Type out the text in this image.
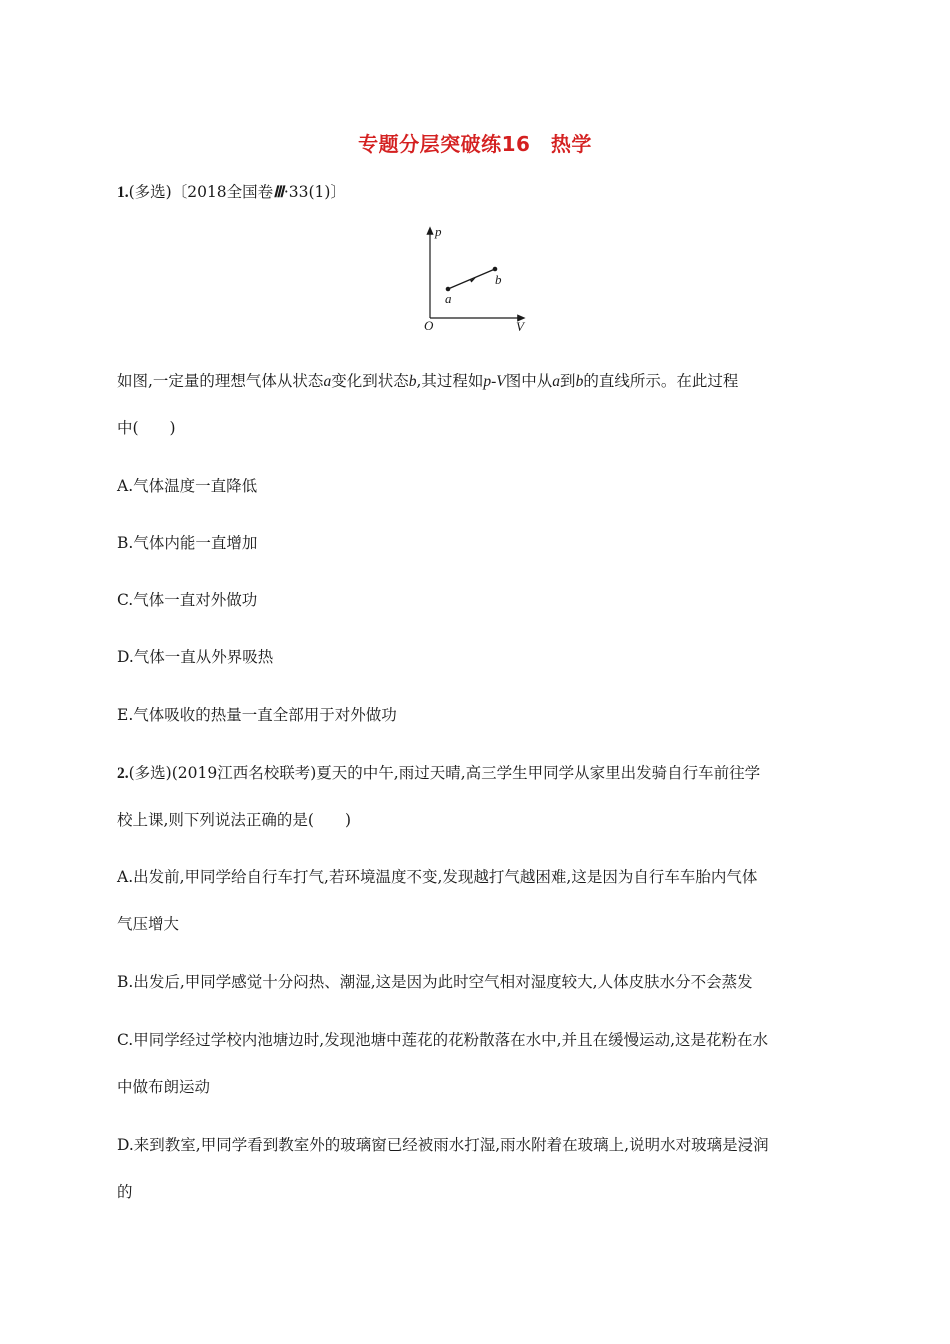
专题分层突破练16　热学
1.(多选)〔2018全国卷Ⅲ·33(1)〕
p
V
O
a
b
如图,一定量的理想气体从状态a变化到状态b,其过程如p-V图中从a到b的直线所示。在此过程
中(　　)
A.气体温度一直降低
B.气体内能一直增加
C.气体一直对外做功
D.气体一直从外界吸热
E.气体吸收的热量一直全部用于对外做功
2.(多选)(2019江西名校联考)夏天的中午,雨过天晴,高三学生甲同学从家里出发骑自行车前往学
校上课,则下列说法正确的是(　　)
A.出发前,甲同学给自行车打气,若环境温度不变,发现越打气越困难,这是因为自行车车胎内气体
气压增大
B.出发后,甲同学感觉十分闷热、潮湿,这是因为此时空气相对湿度较大,人体皮肤水分不会蒸发
C.甲同学经过学校内池塘边时,发现池塘中莲花的花粉散落在水中,并且在缓慢运动,这是花粉在水
中做布朗运动
D.来到教室,甲同学看到教室外的玻璃窗已经被雨水打湿,雨水附着在玻璃上,说明水对玻璃是浸润
的
